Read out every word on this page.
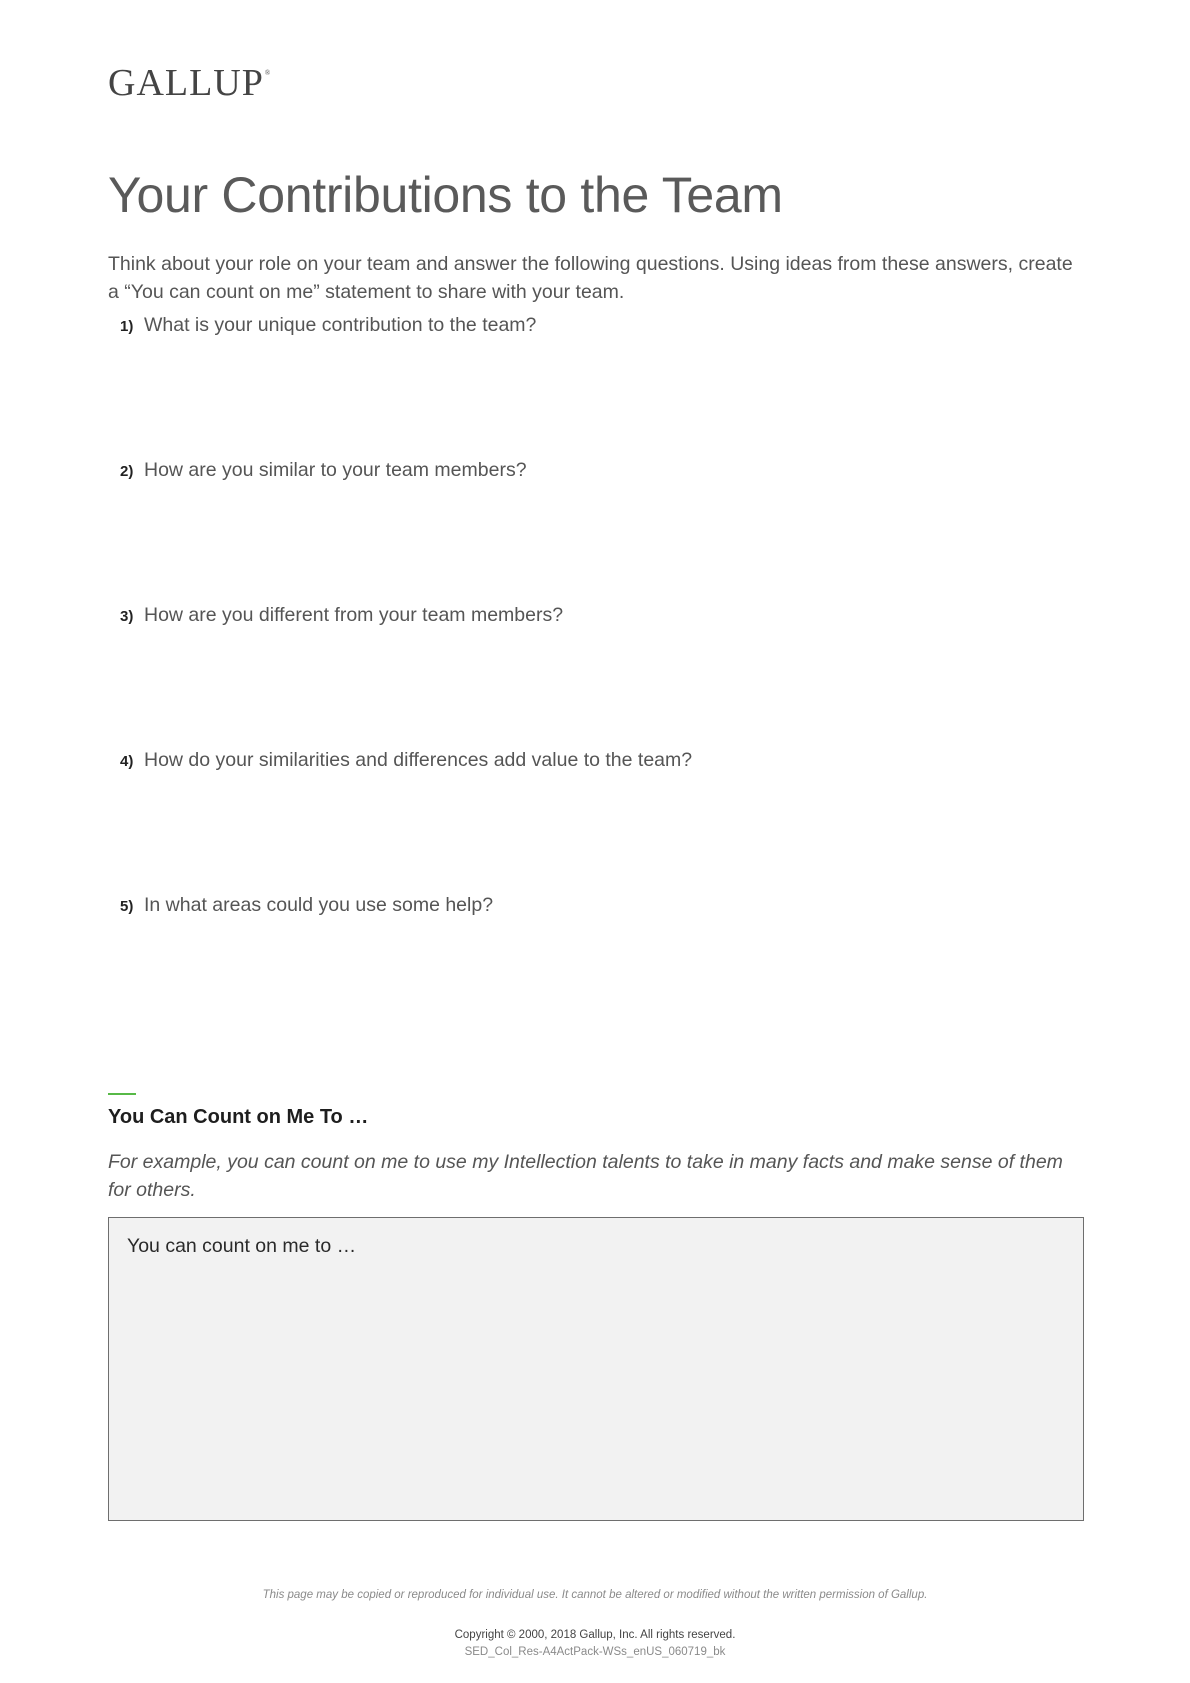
GALLUP®
Your Contributions to the Team

Think about your role on your team and answer the following questions. Using ideas from these answers, create a “You can count on me” statement to share with your team.

1) What is your unique contribution to the team?
2) How are you similar to your team members?
3) How are you different from your team members?
4) How do your similarities and differences add value to the team?
5) In what areas could you use some help?
You Can Count on Me To …

For example, you can count on me to use my Intellection talents to take in many facts and make sense of them for others.

You can count on me to …
This page may be copied or reproduced for individual use. It cannot be altered or modified without the written permission of Gallup.
Copyright © 2000, 2018 Gallup, Inc. All rights reserved.
SED_Col_Res-A4ActPack-WSs_enUS_060719_bk
